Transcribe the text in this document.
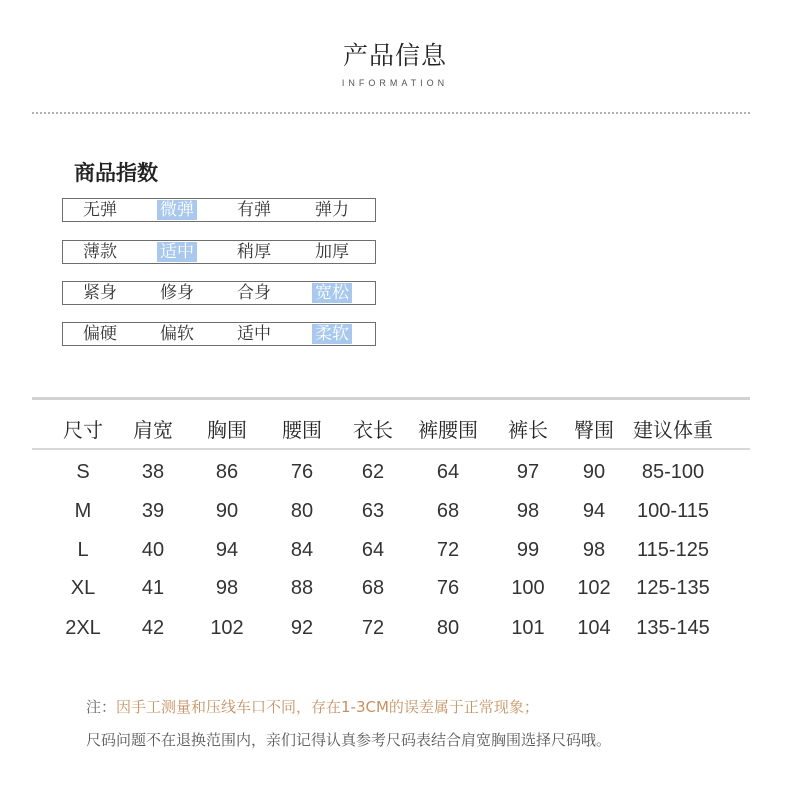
产品信息
INFORMATION
商品指数
无弹	微弹	有弹	弹力
薄款	适中	稍厚	加厚
紧身	修身	合身	宽松
偏硬	偏软	适中	柔软
尺寸 肩宽 胸围 腰围 衣长 裤腰围 裤长 臀围 建议体重
S	38	86	76 62	64	97 90 85-100
M	39	90	80 63	68	98 94 100-115
L	40	94	84 64	72	99 98 115-125
XL 41	98	88 68	76	100 102 125-135
2XL 42 102 92 72	80	101 104 135-145
注：因手工测量和压线车口不同，存在1-3CM的误差属于正常现象；
尺码问题不在退换范围内，亲们记得认真参考尺码表结合肩宽胸围选择尺码哦。
